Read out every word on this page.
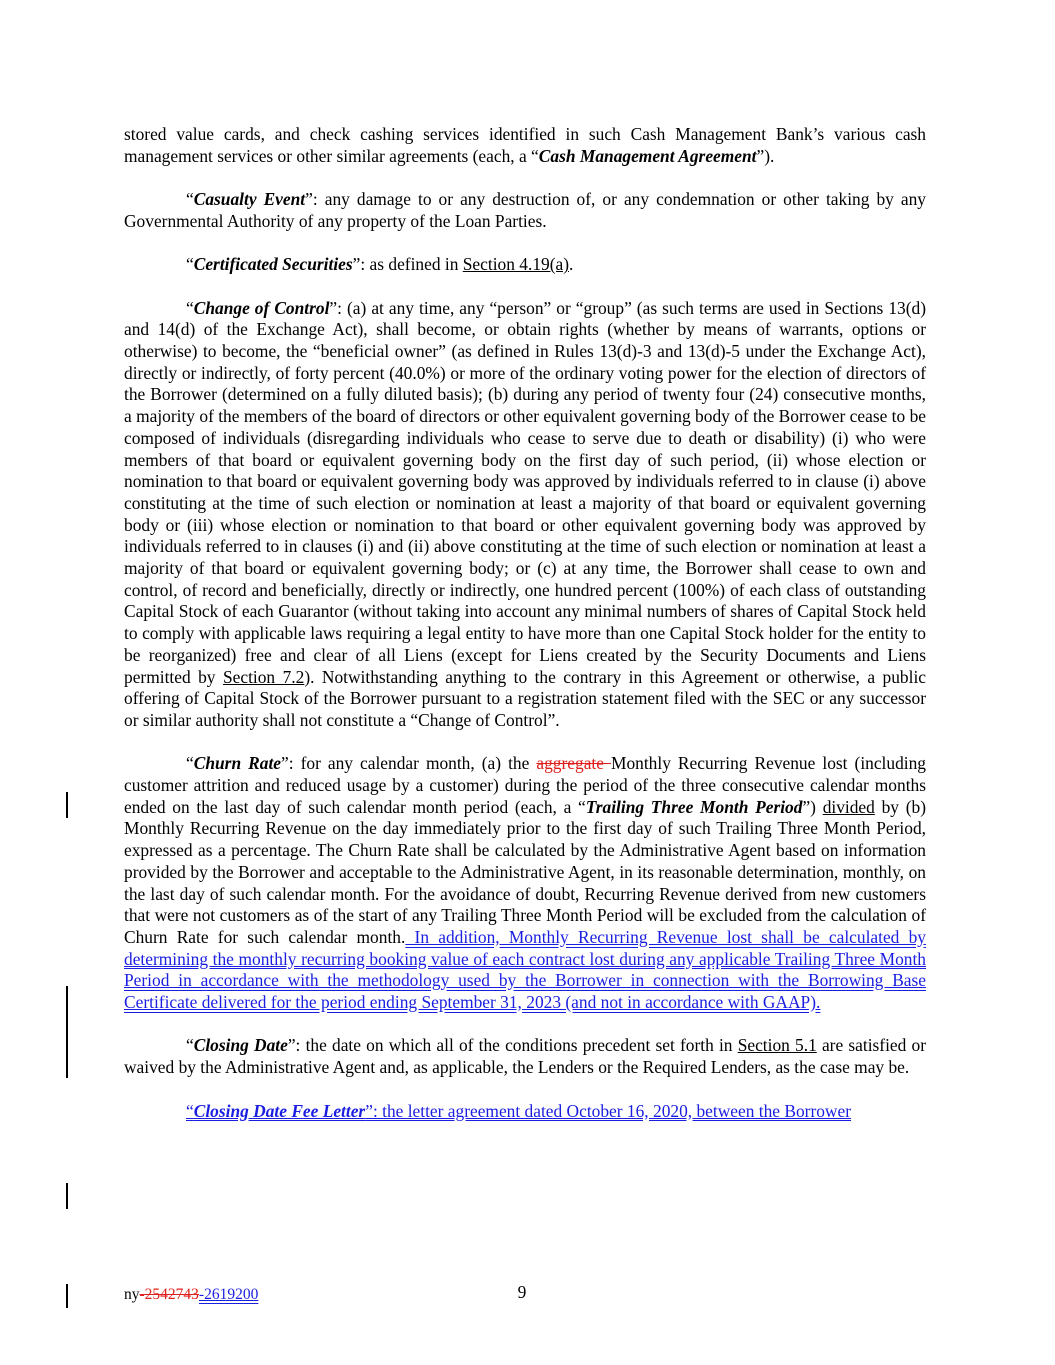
stored value cards, and check cashing services identified in such Cash Management Bank’s various cash management services or other similar agreements (each, a “Cash Management Agreement”).

“Casualty Event”: any damage to or any destruction of, or any condemnation or other taking by any Governmental Authority of any property of the Loan Parties.

“Certificated Securities”: as defined in Section 4.19(a).

“Change of Control”: (a) at any time, any “person” or “group” (as such terms are used in Sections 13(d) and 14(d) of the Exchange Act), shall become, or obtain rights (whether by means of warrants, options or otherwise) to become, the “beneficial owner” (as defined in Rules 13(d)-3 and 13(d)-5 under the Exchange Act), directly or indirectly, of forty percent (40.0%) or more of the ordinary voting power for the election of directors of the Borrower (determined on a fully diluted basis); (b) during any period of twenty four (24) consecutive months, a majority of the members of the board of directors or other equivalent governing body of the Borrower cease to be composed of individuals (disregarding individuals who cease to serve due to death or disability) (i) who were members of that board or equivalent governing body on the first day of such period, (ii) whose election or nomination to that board or equivalent governing body was approved by individuals referred to in clause (i) above constituting at the time of such election or nomination at least a majority of that board or equivalent governing body or (iii) whose election or nomination to that board or other equivalent governing body was approved by individuals referred to in clauses (i) and (ii) above constituting at the time of such election or nomination at least a majority of that board or equivalent governing body; or (c) at any time, the Borrower shall cease to own and control, of record and beneficially, directly or indirectly, one hundred percent (100%) of each class of outstanding Capital Stock of each Guarantor (without taking into account any minimal numbers of shares of Capital Stock held to comply with applicable laws requiring a legal entity to have more than one Capital Stock holder for the entity to be reorganized) free and clear of all Liens (except for Liens created by the Security Documents and Liens permitted by Section 7.2). Notwithstanding anything to the contrary in this Agreement or otherwise, a public offering of Capital Stock of the Borrower pursuant to a registration statement filed with the SEC or any successor or similar authority shall not constitute a “Change of Control”.

“Churn Rate”: for any calendar month, (a) the aggregate Monthly Recurring Revenue lost (including customer attrition and reduced usage by a customer) during the period of the three consecutive calendar months ended on the last day of such calendar month period (each, a “Trailing Three Month Period”) divided by (b) Monthly Recurring Revenue on the day immediately prior to the first day of such Trailing Three Month Period, expressed as a percentage. The Churn Rate shall be calculated by the Administrative Agent based on information provided by the Borrower and acceptable to the Administrative Agent, in its reasonable determination, monthly, on the last day of such calendar month. For the avoidance of doubt, Recurring Revenue derived from new customers that were not customers as of the start of any Trailing Three Month Period will be excluded from the calculation of Churn Rate for such calendar month. In addition, Monthly Recurring Revenue lost shall be calculated by determining the monthly recurring booking value of each contract lost during any applicable Trailing Three Month Period in accordance with the methodology used by the Borrower in connection with the Borrowing Base Certificate delivered for the period ending September 31, 2023 (and not in accordance with GAAP).

“Closing Date”: the date on which all of the conditions precedent set forth in Section 5.1 are satisfied or waived by the Administrative Agent and, as applicable, the Lenders or the Required Lenders, as the case may be.

“Closing Date Fee Letter”: the letter agreement dated October 16, 2020, between the Borrower

ny-2542743-2619200	9
